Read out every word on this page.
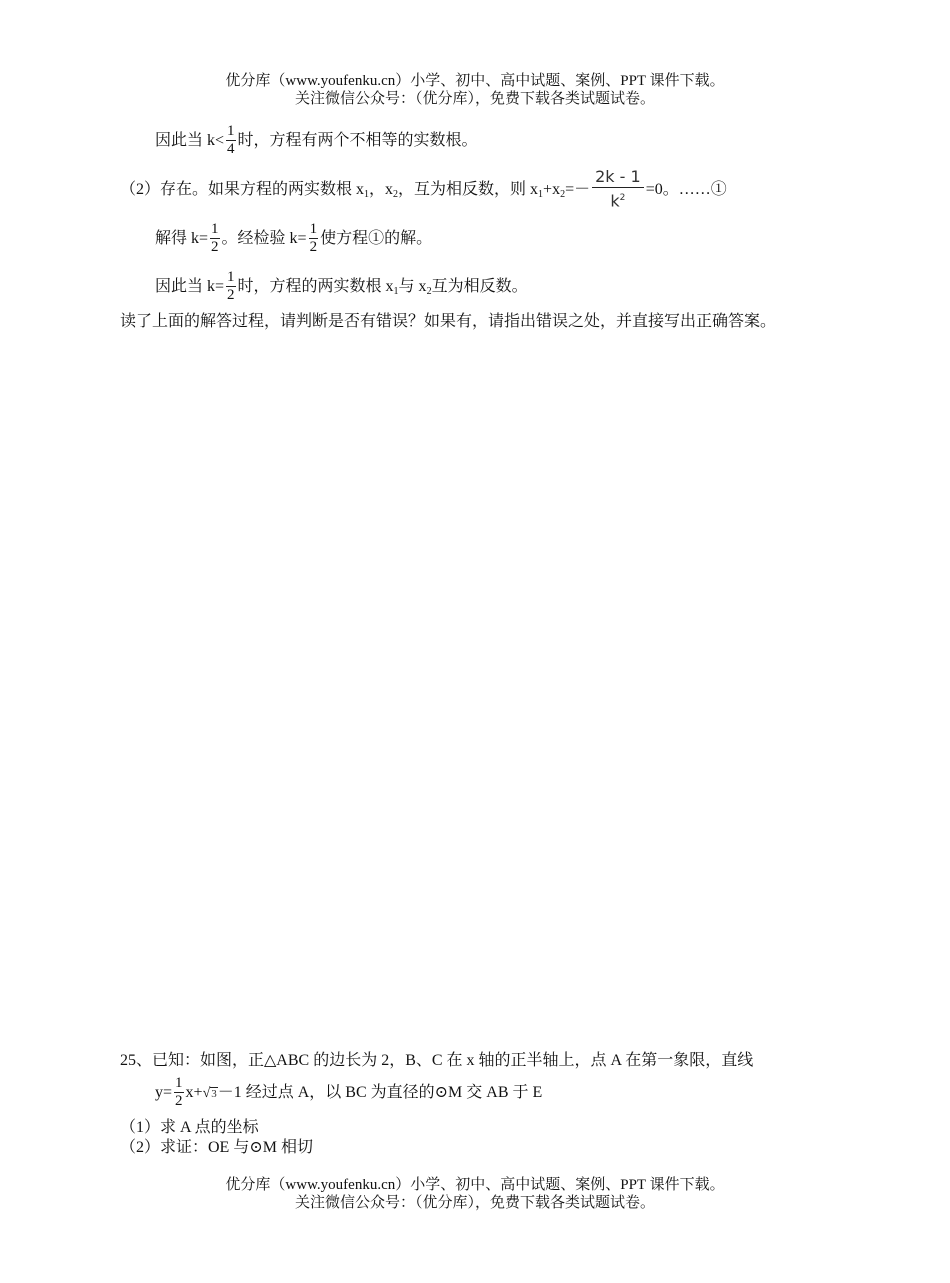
优分库（www.youfenku.cn）小学、初中、高中试题、案例、PPT 课件下载。
关注微信公众号：（优分库），免费下载各类试题试卷。
因此当 $k< \frac{1}{4}$ 时，方程有两个不相等的实数根。
（2）存在。如果方程的两实数根 $x_1$，$x_2$，互为相反数，则 $x_1+x_2=- \frac{2k - 1}{k^2} =0$。……①
解得 $k= \frac{1}{2}$ 。经检验 $k= \frac{1}{2}$ 使方程①的解。
因此当 $k= \frac{1}{2}$ 时，方程的两实数根 $x_1$与 $x_2$互为相反数。
读了上面的解答过程，请判断是否有错误？如果有，请指出错误之处，并直接写出正确答案。
25、已知：如图，正△ABC 的边长为 2，B、C 在 x 轴的正半轴上，点 A 在第一象限，直线
$y= \frac{1}{2} x+√3-1$ 经过点 A，以 BC 为直径的⊙M 交 AB 于 E
（1）求 A 点的坐标
（2）求证：OE 与⊙M 相切
优分库（www.youfenku.cn）小学、初中、高中试题、案例、PPT 课件下载。
关注微信公众号：（优分库），免费下载各类试题试卷。
